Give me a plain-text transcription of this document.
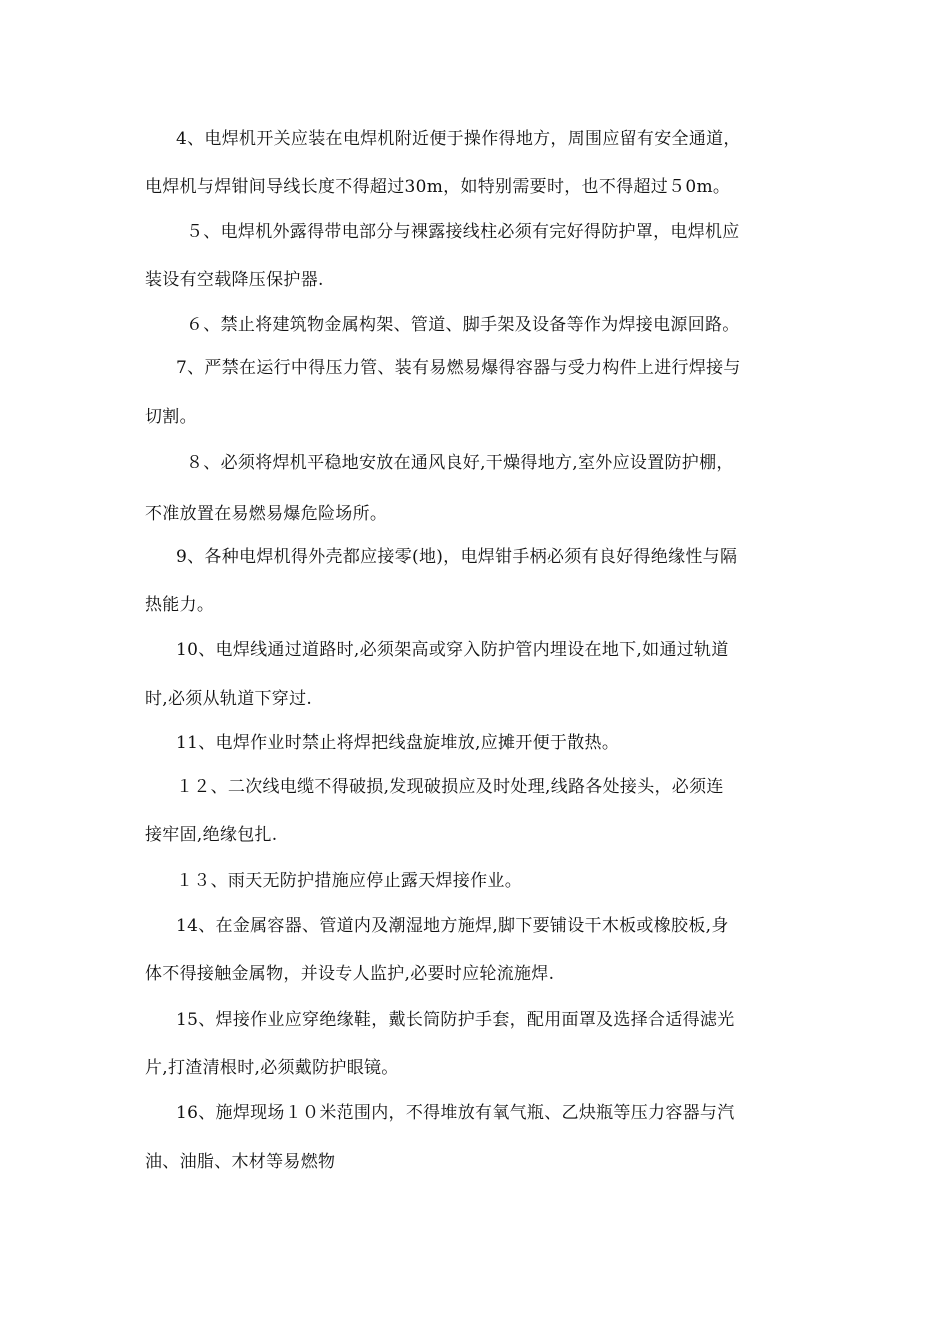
4、电焊机开关应装在电焊机附近便于操作得地方，周围应留有安全通道，
电焊机与焊钳间导线长度不得超过30m，如特别需要时，也不得超过５0m。
５、电焊机外露得带电部分与裸露接线柱必须有完好得防护罩，电焊机应
装设有空载降压保护器.
６、禁止将建筑物金属构架、管道、脚手架及设备等作为焊接电源回路。
7、严禁在运行中得压力管、装有易燃易爆得容器与受力构件上进行焊接与
切割。
８、必须将焊机平稳地安放在通风良好,干燥得地方,室外应设置防护棚，
不准放置在易燃易爆危险场所。
9、各种电焊机得外壳都应接零(地)，电焊钳手柄必须有良好得绝缘性与隔
热能力。
10、电焊线通过道路时,必须架高或穿入防护管内埋设在地下,如通过轨道
时,必须从轨道下穿过.
11、电焊作业时禁止将焊把线盘旋堆放,应摊开便于散热。
１２、二次线电缆不得破损,发现破损应及时处理,线路各处接头，必须连
接牢固,绝缘包扎.
１３、雨天无防护措施应停止露天焊接作业。
14、在金属容器、管道内及潮湿地方施焊,脚下要铺设干木板或橡胶板,身
体不得接触金属物，并设专人监护,必要时应轮流施焊.
15、焊接作业应穿绝缘鞋，戴长筒防护手套，配用面罩及选择合适得滤光
片,打渣清根时,必须戴防护眼镜。
16、施焊现场１０米范围内，不得堆放有氧气瓶、乙炔瓶等压力容器与汽
油、油脂、木材等易燃物
